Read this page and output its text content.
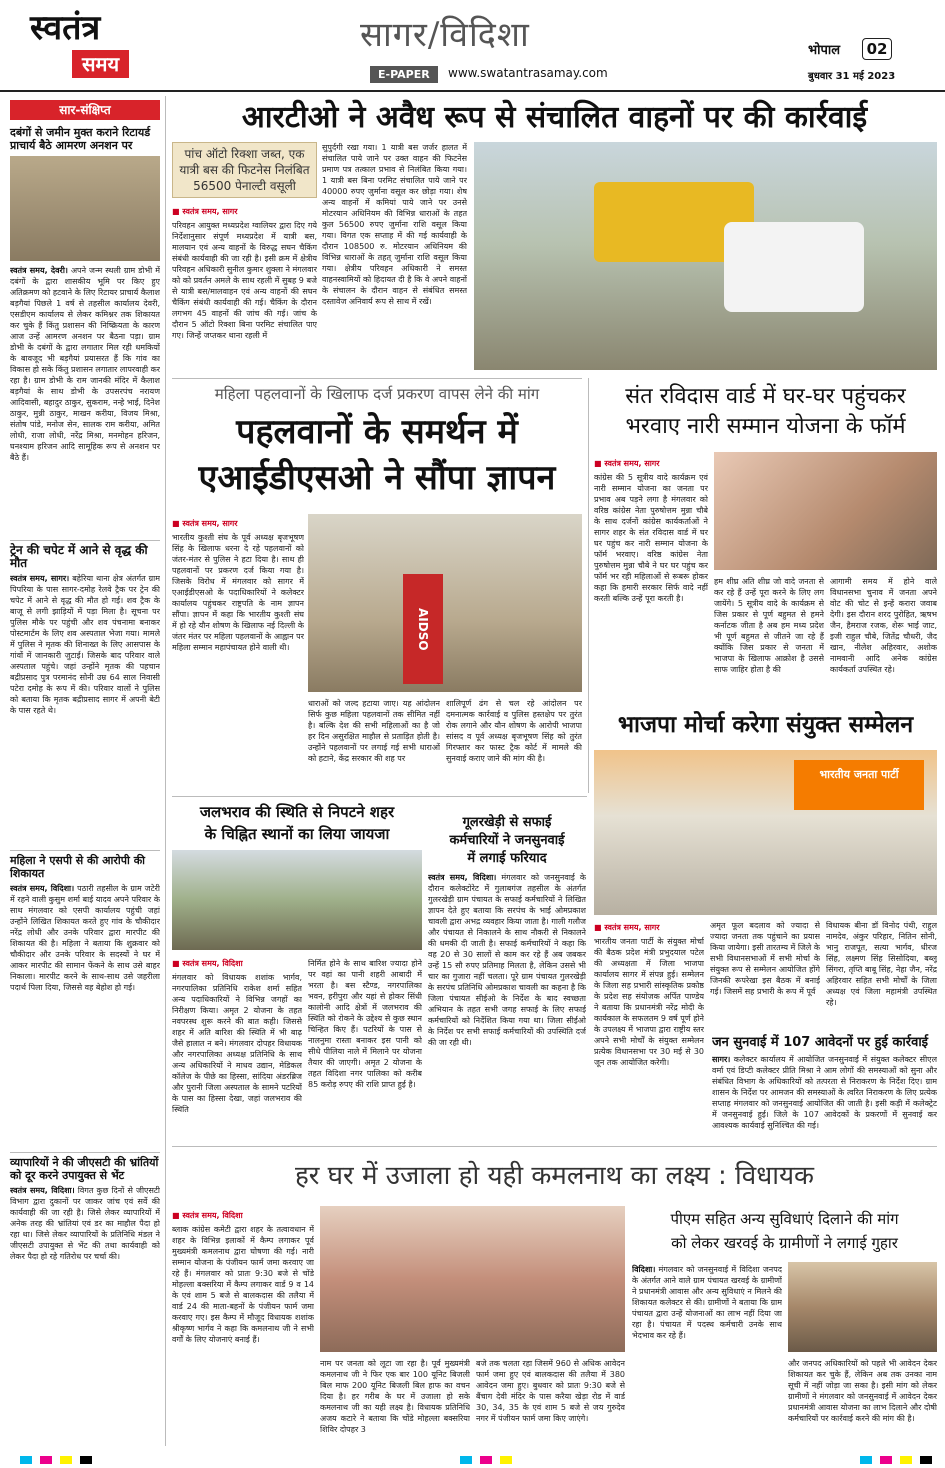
स्वतंत्र
समय
सागर/विदिशा
E-PAPER	www.swatantrasamay.com
भोपाल	02
बुधवार 31 मई 2023
सार-संक्षिप्त
दबंगों से जमीन मुक्त कराने रिटायर्ड प्राचार्य बैठे आमरण अनशन पर
स्वतंत्र समय, देवरी। अपने जन्म स्थली ग्राम डोभी में दबंगों के द्वारा शासकीय भूमि पर किए हुए अतिक्रमण को हटवाने के लिए रिटायर प्राचार्य कैलाश बड़गैयां पिछले 1 वर्ष से तहसील कार्यालय देवरी, एसडीएम कार्यालय से लेकर कमिश्नर तक शिकायत कर चुके हैं किंतु प्रशासन की निष्क्रियता के कारण आज उन्हें आमरण अनशन पर बैठना पड़ा। ग्राम डोभी के दबंगों के द्वारा लगातार मिल रही धमकियों के बावजूद भी बड़गैयां प्रयासरत हैं कि गांव का विकास हो सके किंतु प्रशासन लगातार लापरवाही कर रहा है। ग्राम डोभी के राम जानकी मंदिर में कैलाश बड़गैयां के साथ डोभी के उपसरपंच नरायण आदिवासी, बहादुर ठाकुर, सुकराम, नन्हे भाई, दिनेश ठाकुर, मुन्नी ठाकुर, माखन करीया, विजय मिश्रा, संतोष पांडे, मनोज सेन, सालक राम करीया, अमित लोधी, राजा लोधी, नरेंद्र मिश्रा, मनमोहन हरिजन, घनश्याम हरिजन आदि सामूहिक रूप से अनशन पर बैठे हैं।
ट्रेन की चपेट में आने से वृद्ध की मौत
स्वतंत्र समय, सागर। बहेरिया थाना क्षेत्र अंतर्गत ग्राम पिपरिया के पास सागर-दमोह रेलवे ट्रैक पर ट्रेन की चपेट में आने से वृद्ध की मौत हो गई। शव ट्रैक के बाजू से लगी झाड़ियों में पड़ा मिला है। सूचना पर पुलिस मौके पर पहुंची और शव पंचनामा बनाकर पोस्टमार्टम के लिए शव अस्पताल भेजा गया। मामले में पुलिस ने मृतक की शिनाख्त के लिए आसपास के गांवों में जानकारी जुटाई। जिसके बाद परिवार वाले अस्पताल पहुंचे। जहां उन्होंने मृतक की पहचान बद्रीप्रसाद पुत्र परमानंद सोनी उम्र 64 साल निवासी पटेरा दमोह के रूप में की। परिवार वालों ने पुलिस को बताया कि मृतक बद्रीप्रसाद सागर में अपनी बेटी के पास रहते थे।
महिला ने एसपी से की आरोपी की शिकायत
स्वतंत्र समय, विदिशा। पठारी तहसील के ग्राम जटेरी में रहने वाली कुसुम शर्मा बाई यादव अपने परिवार के साथ मंगलवार को एसपी कार्यालय पहुंची जहां उन्होंने लिखित शिकायत करते हुए गांव के चौकीदार नरेंद्र लोधी और उनके परिवार द्वारा मारपीट की शिकायत की है। महिला ने बताया कि शुक्रवार को चौकीदार और उनके परिवार के सदस्यों ने घर में आकर मारपीट की सामान फेंकने के साथ उसे बाहर निकाला। मारपीट करने के साथ-साथ उसे जहरीला पदार्थ पिला दिया, जिससे वह बेहोश हो गई।
व्यापारियों ने की जीएसटी की भ्रांतियों को दूर करने उपायुक्त से भेंट
स्वतंत्र समय, विदिशा। विगत कुछ दिनों से जीएसटी विभाग द्वारा दुकानों पर जाकर जांच एवं सर्वे की कार्यवाही की जा रही है। जिसे लेकर व्यापारियों में अनेक तरह की भ्रांतियां एवं डर का माहौल पैदा हो रहा था। जिसे लेकर व्यापारियों के प्रतिनिधि मंडल ने जीएसटी उपायुक्त से भेंट की तथा कार्यवाही को लेकर पैदा हो रहे गतिरोध पर चर्चा की।
आरटीओ ने अवैध रूप से संचालित वाहनों पर की कार्रवाई
पांच ऑटो रिक्शा जब्त, एक यात्री बस की फिटनेस निलंबित 56500 पेनाल्टी वसूली
■ स्वतंत्र समय, सागर
परिवहन आयुक्त मध्यप्रदेश ग्वालियर द्वारा दिए गये निर्देशानुसार संपूर्ण मध्यप्रदेश में यात्री बस, मालयान एवं अन्य वाहनों के विरुद्ध सघन चैकिंग संबंधी कार्यवाही की जा रही है। इसी क्रम में क्षेत्रीय परिवहन अधिकारी सुनील कुमार शुक्ला ने मंगलवार को को प्रवर्तन अमले के साथ रहली में सुबह 9 बजे से यात्री बस/मालवाहन एवं अन्य वाहनों की सघन चैकिंग संबंधी कार्यवाही की गई। चैकिंग के दौरान लगभग 45 वाहनों की जांच की गई। जांच के दौरान 5 ऑटो रिक्शा बिना परमिट संचालित पाए गए। जिन्हें जप्तकर थाना रहली में
सुपुर्दगी रखा गया। 1 यात्री बस जर्जर हालत में संचालित पाये जाने पर उक्त वाहन की फिटनेस प्रमाण पत्र तत्काल प्रभाव से निलंबित किया गया। 1 यात्री बस बिना परमिट संचालित पाये जाने पर 40000 रुपए जुर्माना वसूल कर छोड़ा गया। शेष अन्य वाहनों में कमियां पाये जाने पर उनसे मोटरयान अधिनियम की विभिन्न धाराओं के तहत कुल 56500 रुपए जुर्माना राशि वसूल किया गया। विगत एक सप्ताह में की गई कार्यवाही के दौरान 108500 रु. मोटरयान अधिनियम की विभिन्न धाराओं के तहत् जुर्माना राशि वसूल किया गया। क्षेत्रीय परिवहन अधिकारी ने समस्त वाहनस्वामियों को हिदायत दी है कि वे अपने वाहनों के संचालन के दौरान वाहन से संबंधित समस्त दस्तावेज अनिवार्य रूप से साथ में रखें।
महिला पहलवानों के खिलाफ दर्ज प्रकरण वापस लेने की मांग
पहलवानों के समर्थन में
एआईडीएसओ ने सौंपा ज्ञापन
■ स्वतंत्र समय, सागर
भारतीय कुश्ती संघ के पूर्व अध्यक्ष बृजभूषण सिंह के खिलाफ धरना दे रहे पहलवानों को जंतर-मंतर से पुलिस ने हटा दिया है। साथ ही पहलवानों पर प्रकरण दर्ज किया गया है। जिसके विरोध में मंगलवार को सागर में एआईडीएसओ के पदाधिकारियों ने कलेक्टर कार्यालय पहुंचकर राष्ट्रपति के नाम ज्ञापन सौंपा। ज्ञापन में कहा कि भारतीय कुश्ती संघ में हो रहे यौन शोषण के खिलाफ नई दिल्ली के जंतर मंतर पर महिला पहलवानों के आह्वान पर महिला सम्मान महापंचायत होने वाली थी।	AIDSO
धाराओं को जल्द हटाया जाए। यह आंदोलन सिर्फ कुछ महिला पहलवानों तक सीमित नहीं है। बल्कि देश की सभी महिलाओं का है जो हर दिन असुरक्षित माहौल से प्रताड़ित होती है। उन्होंने पहलवानों पर लगाई गई सभी धाराओं को हटाने, केंद्र सरकार की शह पर
शालिपूर्ण ढंग से चल रहे आंदोलन पर दमनात्मक कार्रवाई व पुलिस हस्तक्षेप पर तुरंत रोक लगाने और यौन शोषण के आरोपी भाजपा सांसद व पूर्व अध्यक्ष बृजभूषण सिंह को तुरंत गिरफ्तार कर फास्ट ट्रैक कोर्ट में मामले की सुनवाई कराए जाने की मांग की है।
संत रविदास वार्ड में घर-घर पहुंचकर
भरवाए नारी सम्मान योजना के फॉर्म
■ स्वतंत्र समय, सागर
कांग्रेस की 5 सूत्रीय वादे कार्यक्रम एवं नारी सम्मान योजना का जनता पर प्रभाव अब पड़ने लगा है मंगलवार को वरिष्ठ कांग्रेस नेता पुरुषोत्तम मुन्ना चौबे के साथ दर्जनों कांग्रेस कार्यकर्ताओं ने सागर शहर के संत रविदास वार्ड में घर घर पहुंच कर नारी सम्मान योजना के फॉर्म भरवाए। वरिष्ठ कांग्रेस नेता पुरुषोत्तम मुन्ना चौबे ने घर घर पहुंच कर फॉर्म भर रही महिलाओं से रूबरू होकर कहा कि हमारी सरकार सिर्फ वादे नहीं करती बल्कि उन्हें पूरा करती है।
हम शीघ्र अति शीघ्र जो वादे जनता से कर रहे हैं उन्हें पूरा करने के लिए लग जायेंगे। 5 सूत्रीय वादे के कार्यक्रम से जिस प्रकार से पूर्ण बहुमत से हमने कर्नाटक जीता है अब हम मध्य प्रदेश भी पूर्ण बहुमत से जीतने जा रहे हैं क्योंकि जिस प्रकार से जनता में भाजपा के खिलाफ आक्रोश है उससे साफ जाहिर होता है की
आगामी समय में होने वाले विधानसभा चुनाव में जनता अपने वोट की चोट से इन्हें करारा जवाब देगी। इस दौरान शरद पुरोहित, ऋषभ जैन, हैमराज रजक, शेरू भाई जाट, इजी राहुल चौबे, जितेंद्र चौधरी, जैद खान, नीलेश अहिरवार, अशोक नामवानी आदि अनेक कांग्रेस कार्यकर्ता उपस्थित रहे।
भाजपा मोर्चा करेगा संयुक्त सम्मेलन
भारतीय जनता पार्टी
■ स्वतंत्र समय, सागर
भारतीय जनता पार्टी के संयुक्त मोर्चा की बैठक प्रदेश मंत्री प्रभुदयाल पटेल की अध्यक्षता में जिला भाजपा कार्यालय सागर में संपन्न हुई। सम्मेलन के जिला सह प्रभारी सांस्कृतिक प्रकोष्ठ के प्रदेश सह संयोजक अर्पित पाण्डेय ने बताया कि प्रधानमंत्री नरेंद्र मोदी के कार्यकाल के सफलतम 9 वर्ष पूर्ण होने के उपलक्ष्य में भाजपा द्वारा राष्ट्रीय स्तर अपने सभी मोर्चों के संयुक्त सम्मेलन प्रत्येक विधानसभा पर 30 मई से 30 जून तक आयोजित करेगी।
अमृत फूल बदलाव को ज्यादा से ज्यादा जनता तक पहुंचाने का प्रयास किया जायेगा। इसी तारतम्य में जिले के सभी विधानसभाओं में सभी मोर्चा के संयुक्त रूप से सम्मेलन आयोजित होंगे जिनकी रूपरेखा इस बैठक में बनाई गई। जिसमें सह प्रभारी के रूप में पूर्व
विधायक बीना डॉ विनोद पंथी, राहुल नामदेव, अंकुर परिहार, नितिन सोनी, भानु राजपूत, सत्या भार्गव, धीरज सिंह, लक्ष्मण सिंह सिसोदिया, बब्लू सिंगरा, तृप्ति बाबू सिंह, नेहा जैन, नरेंद्र अहिरवार सहित सभी मोर्चों के जिला अध्यक्ष एवं जिला महामंत्री उपस्थित रहे।
जन सुनवाई में 107 आवेदनों पर हुई कार्रवाई
सागर। कलेक्टर कार्यालय में आयोजित जनसुनवाई में संयुक्त कलेक्टर सीएल वर्मा एवं डिप्टी कलेक्टर प्रीति मिश्रा ने आम लोगों की समस्याओं को सुना और संबंधित विभाग के अधिकारियों को तत्परता से निराकरण के निर्देश दिए। ग्राम शासन के निर्देश पर आमजन की समस्याओं के त्वरित निराकरण के लिए प्रत्येक सप्ताह मंगलवार को जनसुनवाई आयोजित की जाती है। इसी कड़ी में कलेक्ट्रेट में जनसुनवाई हुई। जिले के 107 आवेदकों के प्रकरणों में सुनवाई कर आवश्यक कार्यवाई सुनिश्चित की गई।
जलभराव की स्थिति से निपटने शहर
के चिह्नित स्थानों का लिया जायजा
■ स्वतंत्र समय, विदिशा
मंगलवार को विधायक शशांक भार्गव, नगरपालिका प्रतिनिधि राकेश शर्मा सहित अन्य पदाधिकारियों ने विभिन्न जगहों का निरीक्षण किया। अमृत 2 योजना के तहत नवपरस्थ शुरू करने की बात कही। जिससे शहर में अति बारिश की स्थिति में भी बाढ़ जैसे हालात न बने। मंगलवार दोपहर विधायक और नगरपालिका अध्यक्ष प्रतिनिधि के साथ अन्य अधिकारियों ने माधव उद्यान, मेडिकल कॉलेज के पीछे का हिस्सा, सांदिया अंडरब्रिज और पुरानी जिला अस्पताल के सामने पटरियों के पास का हिस्सा देखा, जहां जलभराव की स्थिति
निर्मित होने के साथ बारिश ज्यादा होने पर वहां का पानी शहरी आबादी में भरता है। बस स्टैण्ड, नगरपालिका भवन, हरीपुरा और यहां से होकर सिंधी कालोनी आदि क्षेत्रों में जलभराव की स्थिति को रोकने के उद्देश्य से कुछ स्थान चिन्हित किए हैं। पटरियों के पास से नालनुमा रास्ता बनाकर इस पानी को सीधे पीलिया नाले में मिलाने पर योजना तैयार की जाएगी। अमृत 2 योजना के तहत विदिशा नगर पालिका को करीब 85 करोड़ रुपए की राशि प्राप्त हुई है।
गूलरखेड़ी से सफाई
कर्मचारियों ने जनसुनवाई
में लगाई फरियाद
स्वतंत्र समय, विदिशा। मंगलवार को जनसुनवाई के दौरान कलेक्टोरेट में गुलाबगंज तहसील के अंतर्गत गुलरखेड़ी ग्राम पंचायत के सफाई कर्मचारियों ने लिखित ज्ञापन देते हुए बताया कि सरपंच के भाई ओमप्रकाश चावली द्वारा अभद्र व्यवहार किया जाता है। गाली गलौज और पंचायत से निकालने के साथ नौकरी से निकालने की धमकी दी जाती है। सफाई कर्मचारियों ने कहा कि वह 20 से 30 सालों से काम कर रहे हैं अब जबकर उन्हें 15 सौ रुपए प्रतिमाह मिलता है, लेकिन उससे भी चार का गुजारा नहीं चलता। पूरे ग्राम पंचायत गुलरखेड़ी के सरपंच प्रतिनिधि ओमप्रकाश चावली का कहना है कि जिला पंचायत सीईओ के निर्देश के बाद स्वच्छता अभियान के तहत सभी जगह सफाई के लिए सफाई कर्मचारियों को निर्देशित किया गया था। जिला सीईओ के निर्देश पर सभी सफाई कर्मचारियों की उपस्थिति दर्ज की जा रही थी।
हर घर में उजाला हो यही कमलनाथ का लक्ष्य : विधायक
■ स्वतंत्र समय, विदिशा
ब्लाक कांग्रेस कमेटी द्वारा शहर के तत्वावधान में शहर के विभिन्न इलाकों में कैम्प लगाकर पूर्व मुख्यमंत्री कमलनाथ द्वारा घोषणा की गई। नारी सम्मान योजना के पंजीयन फार्म जमा करवाए जा रहे हैं। मंगलवार को प्रातः 9:30 बजे से चोंडे मोहल्ला बक्सरिया में कैम्प लगाकर वार्ड 9 व 14 के एवं शाम 5 बजे से बालकदास की तलैया में वार्ड 24 की माता-बहनों के पंजीयन फार्म जमा करवाए गए। इस कैम्प में मौजूद विधायक शशांक श्रीकृष्ण भार्गव ने कहा कि कमलनाथ जी ने सभी वर्गों के लिए योजनाएं बनाई हैं।
नाम पर जनता को लूटा जा रहा है। पूर्व मुख्यमंत्री कमलनाथ जी ने फिर एक बार 100 यूनिट बिजली बिल माफ 200 यूनिट बिजली बिल हाफ का वचन दिया है। हर गरीब के घर में उजाला हो सके कमलनाथ जी का यही लक्ष्य है। विधायक प्रतिनिधि अजय कटारे ने बताया कि चोंडे मोहल्ला बक्सरिया शिविर दोपहर 3
बजे तक चलता रहा जिसमें 960 से अधिक आवेदन फार्म जमा हुए एवं बालकदास की तलैया में 380 आवेदन जमा हुए। बुधवार को प्रातः 9:30 बजे से बैंचाग देवी मंदिर के पास करैया खेड़ा रोड में वार्ड 30, 34, 35 के एवं शाम 5 बजे से जय गुरुदेव नगर में पंजीयन फार्म जमा किए जाएंगे।
पीएम सहित अन्य सुविधाएं दिलाने की मांग
को लेकर खरवई के ग्रामीणों ने लगाई गुहार
विदिशा। मंगलवार को जनसुनवाई में विदिशा जनपद के अंतर्गत आने वाले ग्राम पंचायत खरवई के ग्रामीणों ने प्रधानमंत्री आवास और अन्य सुविधाएं न मिलने की शिकायत कलेक्टर से की। ग्रामीणों ने बताया कि ग्राम पंचायत द्वारा उन्हें योजनाओं का लाभ नहीं दिया जा रहा है। पंचायत में पदस्थ कर्मचारी उनके साथ भेदभाव कर रहे हैं।
और जनपद अधिकारियों को पहले भी आवेदन देकर शिकायत कर चुके हैं, लेकिन अब तक उनका नाम सूची में नहीं जोड़ा जा सका है। इसी मांग को लेकर ग्रामीणों ने मंगलवार को जनसुनवाई में आवेदन देकर प्रधानमंत्री आवास योजना का लाभ दिलाने और दोषी कर्मचारियों पर कार्रवाई करने की मांग की है।
